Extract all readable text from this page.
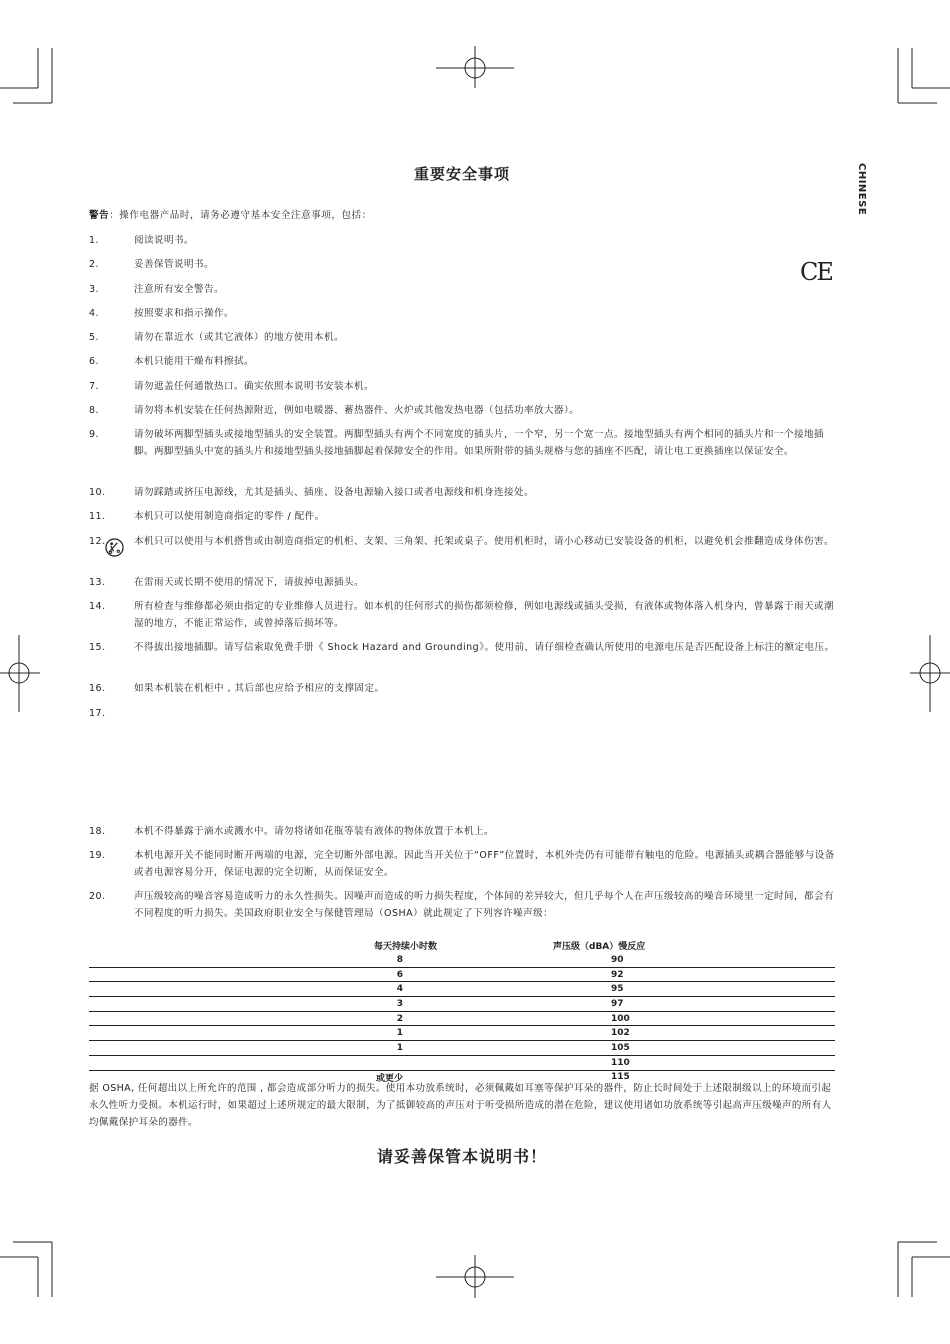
CHINESE
CE
重要安全事项
警告：操作电器产品时，请务必遵守基本安全注意事项，包括：
1.	阅读说明书。
2.	妥善保管说明书。
3.	注意所有安全警告。
4.	按照要求和指示操作。
5.	请勿在靠近水（或其它液体）的地方使用本机。
6.	本机只能用干燥布料擦拭。
7.	请勿遮盖任何通散热口。确实依照本说明书安装本机。
8.	请勿将本机安装在任何热源附近，例如电暖器、蓄热器件、火炉或其他发热电器（包括功率放大器）。
9.	请勿破坏两脚型插头或接地型插头的安全装置。两脚型插头有两个不同宽度的插头片，一个窄，另一个宽一点。接地型插头有两个相同的插头片和一个接地插脚。两脚型插头中宽的插头片和接地型插头接地插脚起着保障安全的作用。如果所附带的插头规格与您的插座不匹配，请让电工更换插座以保证安全。
10.	请勿踩踏或挤压电源线，尤其是插头、插座、设备电源输入接口或者电源线和机身连接处。
11.	本机只可以使用制造商指定的零件 / 配件。
12.	本机只可以使用与本机搭售或由制造商指定的机柜、支架、三角架、托架或桌子。使用机柜时，请小心移动已安装设备的机柜，以避免机会推翻造成身体伤害。
13.	在雷雨天或长期不使用的情况下，请拔掉电源插头。
14.	所有检查与维修都必须由指定的专业维修人员进行。如本机的任何形式的损伤都须检修，例如电源线或插头受损，有液体或物体落入机身内，曾暴露于雨天或潮湿的地方，不能正常运作，或曾掉落后损坏等。
15.	不得拔出接地插脚。请写信索取免费手册《 Shock Hazard and Grounding》。使用前，请仔细检查确认所使用的电源电压是否匹配设备上标注的额定电压。
16.	如果本机装在机柜中 , 其后部也应给予相应的支撑固定。
17.
18.	本机不得暴露于滴水或溅水中。请勿将诸如花瓶等装有液体的物体放置于本机上。
19.	本机电源开关不能同时断开两端的电源，完全切断外部电源。因此当开关位于“OFF”位置时，本机外壳仍有可能带有触电的危险。电源插头或耦合器能够与设备或者电源容易分开，保证电源的完全切断，从而保证安全。
20.	声压级较高的噪音容易造成听力的永久性损失。因噪声而造成的听力损失程度，个体间的差异较大，但几乎每个人在声压级较高的噪音环境里一定时间，都会有不同程度的听力损失。美国政府职业安全与保健管理局（OSHA）就此规定了下列容许噪声级：
每天持续小时数	声压级（dBA）慢反应
8	90
6	92
4	95
3	97
2	100
1	102
1	105
	110
或更少	115
据 OSHA, 任何超出以上所允许的范围 , 都会造成部分听力的损失。使用本功放系统时，必须佩戴如耳塞等保护耳朵的器件，防止长时间处于上述限制级以上的环境而引起永久性听力受损。本机运行时，如果超过上述所规定的最大限制，为了抵御较高的声压对于听受损所造成的潜在危险，建议使用诸如功放系统等引起高声压级噪声的所有人均佩戴保护耳朵的器件。
请妥善保管本说明书！
